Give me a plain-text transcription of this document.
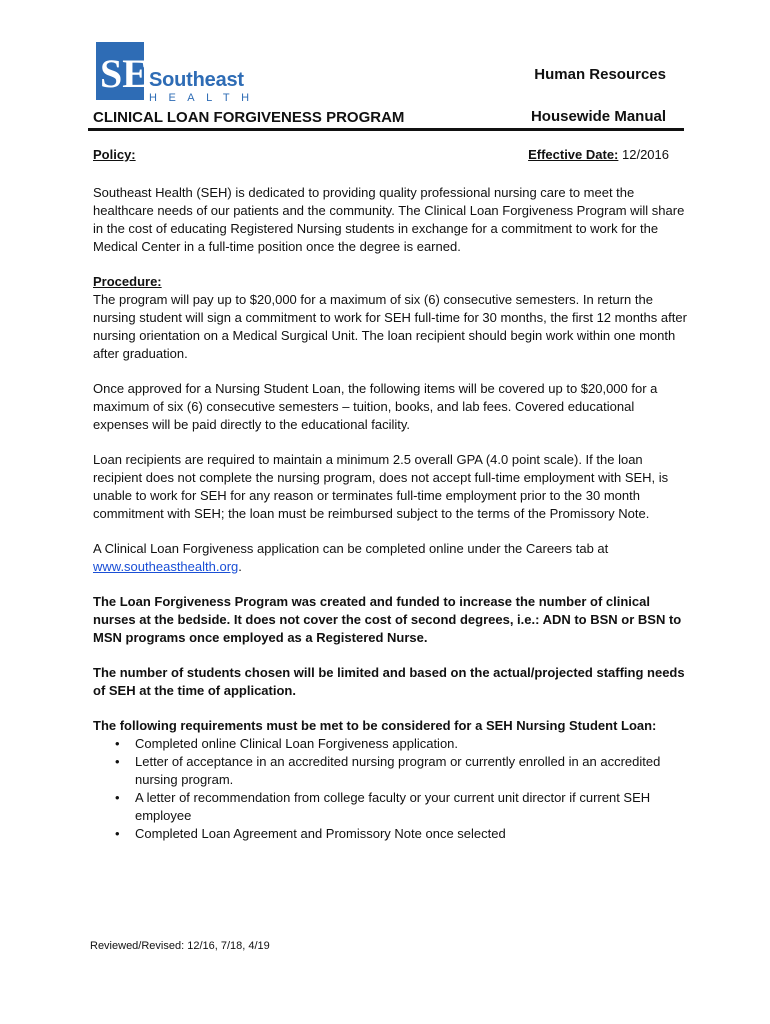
SE Southeast
HEALTH
Human Resources
CLINICAL LOAN FORGIVENESS PROGRAM	Housewide Manual
Policy:	Effective Date: 12/2016

Southeast Health (SEH) is dedicated to providing quality professional nursing care to meet the healthcare needs of our patients and the community. The Clinical Loan Forgiveness Program will share in the cost of educating Registered Nursing students in exchange for a commitment to work for the Medical Center in a full-time position once the degree is earned.

Procedure:
The program will pay up to $20,000 for a maximum of six (6) consecutive semesters. In return the nursing student will sign a commitment to work for SEH full-time for 30 months, the first 12 months after nursing orientation on a Medical Surgical Unit. The loan recipient should begin work within one month after graduation.

Once approved for a Nursing Student Loan, the following items will be covered up to $20,000 for a maximum of six (6) consecutive semesters – tuition, books, and lab fees. Covered educational expenses will be paid directly to the educational facility.

Loan recipients are required to maintain a minimum 2.5 overall GPA (4.0 point scale). If the loan recipient does not complete the nursing program, does not accept full-time employment with SEH, is unable to work for SEH for any reason or terminates full-time employment prior to the 30 month commitment with SEH; the loan must be reimbursed subject to the terms of the Promissory Note.

A Clinical Loan Forgiveness application can be completed online under the Careers tab at www.southeasthealth.org.

The Loan Forgiveness Program was created and funded to increase the number of clinical nurses at the bedside. It does not cover the cost of second degrees, i.e.: ADN to BSN or BSN to MSN programs once employed as a Registered Nurse.

The number of students chosen will be limited and based on the actual/projected staffing needs of SEH at the time of application.

The following requirements must be met to be considered for a SEH Nursing Student Loan:
• Completed online Clinical Loan Forgiveness application.
• Letter of acceptance in an accredited nursing program or currently enrolled in an accredited nursing program.
• A letter of recommendation from college faculty or your current unit director if current SEH employee
• Completed Loan Agreement and Promissory Note once selected
Reviewed/Revised: 12/16, 7/18, 4/19
